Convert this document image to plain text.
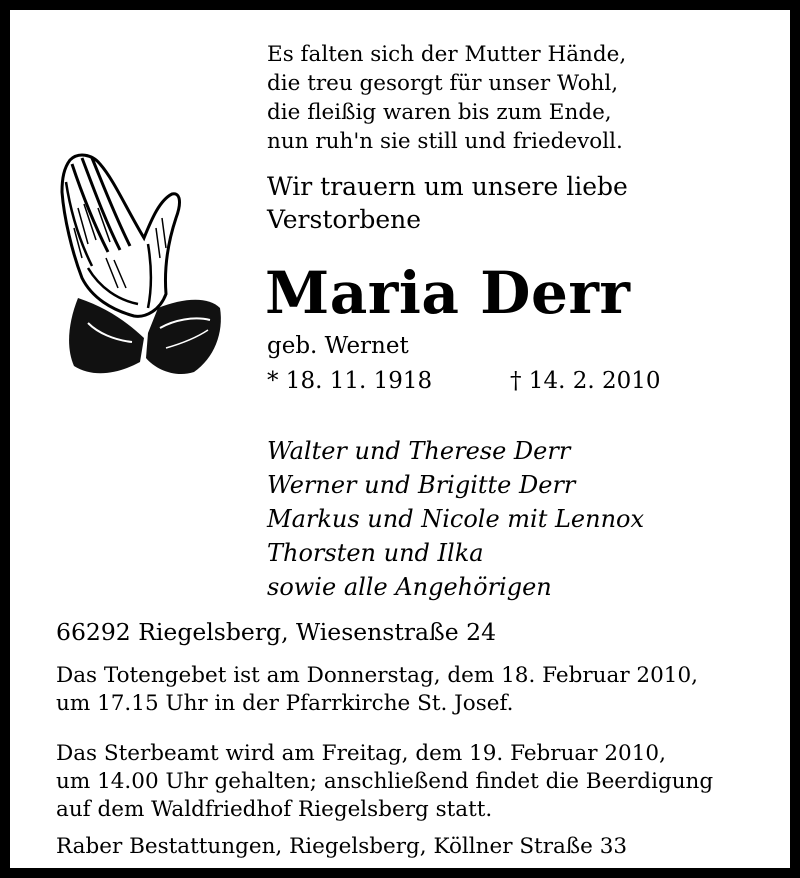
Es falten sich der Mutter Hände,
die treu gesorgt für unser Wohl,
die fleißig waren bis zum Ende,
nun ruh'n sie still und friedevoll.
Wir trauern um unsere liebe
Verstorbene
Maria Derr
geb. Wernet
* 18. 11. 1918	† 14. 2. 2010
Walter und Therese Derr
Werner und Brigitte Derr
Markus und Nicole mit Lennox
Thorsten und Ilka
sowie alle Angehörigen
66292 Riegelsberg, Wiesenstraße 24
Das Totengebet ist am Donnerstag, dem 18. Februar 2010,
um 17.15 Uhr in der Pfarrkirche St. Josef.
Das Sterbeamt wird am Freitag, dem 19. Februar 2010,
um 14.00 Uhr gehalten; anschließend findet die Beerdigung
auf dem Waldfriedhof Riegelsberg statt.
Raber Bestattungen, Riegelsberg, Köllner Straße 33
